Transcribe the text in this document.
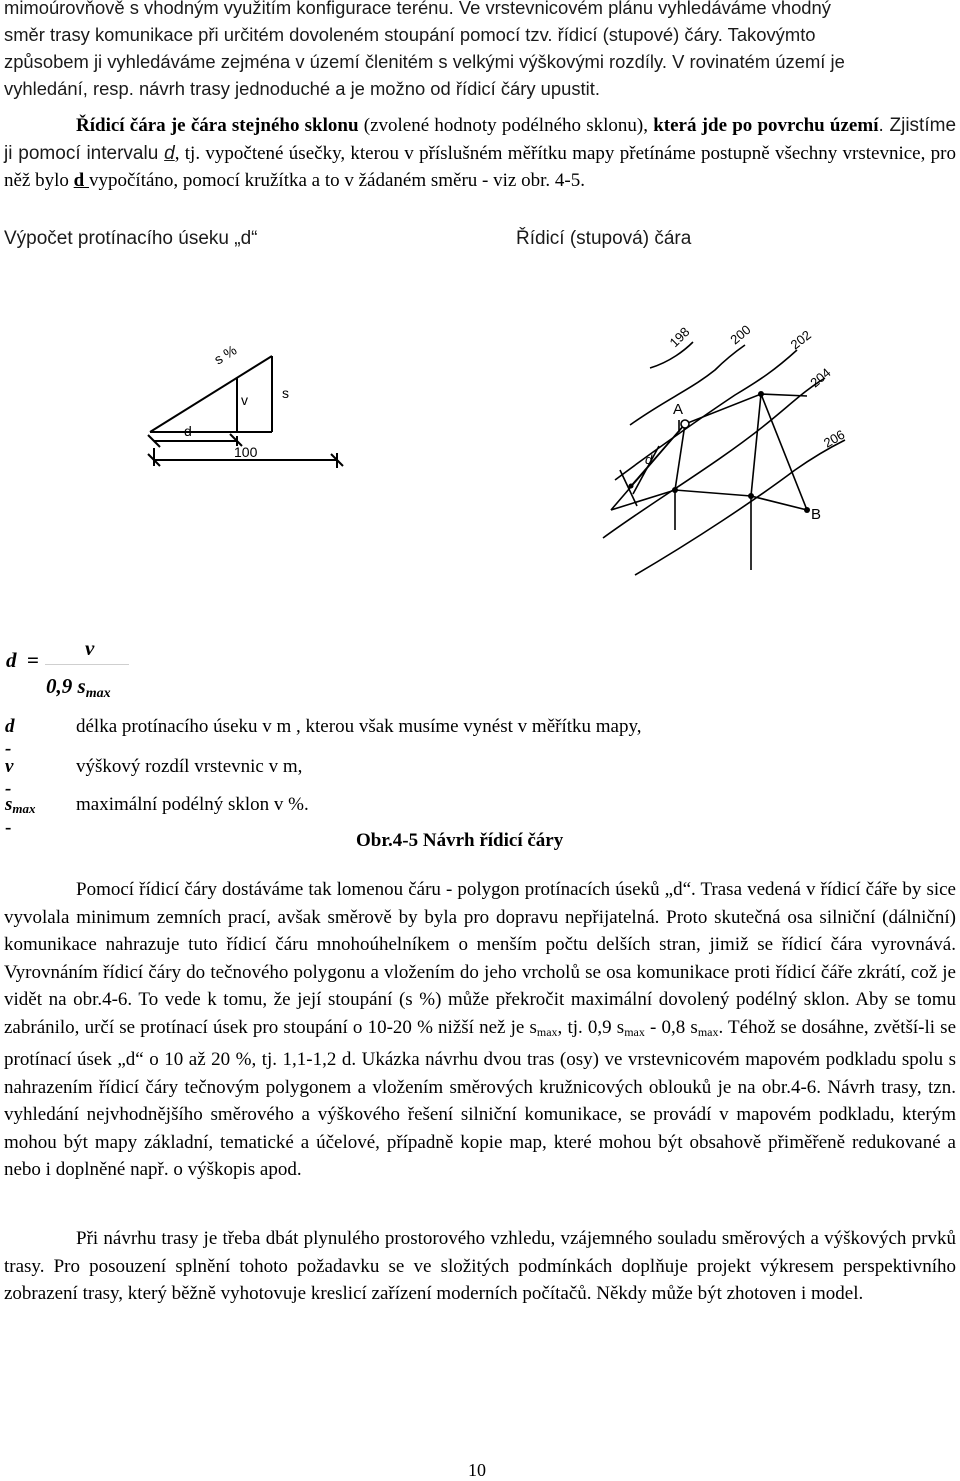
mimoúrovňově s vhodným využitím konfigurace terénu. Ve vrstevnicovém plánu vyhledáváme vhodný

směr trasy komunikace při určitém dovoleném stoupání pomocí tzv. řídicí (stupové) čáry. Takovýmto

způsobem ji vyhledáváme zejména v území členitém s velkými výškovými rozdíly. V rovinatém území je

vyhledání, resp. návrh trasy jednoduché a je možno od řídicí čáry upustit.

Řídicí čára je čára stejného sklonu (zvolené hodnoty podélného sklonu), která jde po povrchu území. Zjistíme ji pomocí intervalu d, tj. vypočtené úsečky, kterou v příslušném měřítku mapy přetínáme postupně všechny vrstevnice, pro něž bylo d vypočítáno, pomocí kružítka a to v žádaném směru - viz obr. 4-5.

Výpočet protínacího úseku „d“	Řídicí (stupová) čára
s %
v s
d
100
198	200	202
204
206
A
B
d
d = v
0,9 $s_{max}$
d -
délka protínacího úseku v m , kterou však musíme vynést v měřítku mapy,
v -
výškový rozdíl vrstevnic v m,
$s_{max}$ -
maximální podélný sklon v %.
Obr.4-5 Návrh řídicí čáry

Pomocí řídicí čáry dostáváme tak lomenou čáru - polygon protínacích úseků „d“. Trasa vedená v řídicí čáře by sice vyvolala minimum zemních prací, avšak směrově by byla pro dopravu nepřijatelná. Proto skutečná osa silniční (dálniční) komunikace nahrazuje tuto řídicí čáru mnohoúhelníkem o menším počtu delších stran, jimiž se řídicí čára vyrovnává. Vyrovnáním řídicí čáry do tečnového polygonu a vložením do jeho vrcholů se osa komunikace proti řídicí čáře zkrátí, což je vidět na obr.4-6. To vede k tomu, že její stoupání (s %) může překročit maximální dovolený podélný sklon. Aby se tomu zabránilo, určí se protínací úsek pro stoupání o 10-20 % nižší než je $s_{max}$, tj. 0,9 $s_{max} - 0,8$ $s_{max}$. Téhož se dosáhne, zvětší-li se protínací úsek „d“ o 10 až 20 %, tj. 1,1-1,2 d. Ukázka návrhu dvou tras (osy) ve vrstevnicovém mapovém podkladu spolu s nahrazením řídicí čáry tečnovým polygonem a vložením směrových kružnicových oblouků je na obr.4-6. Návrh trasy, tzn. vyhledání nejvhodnějšího směrového a výškového řešení silniční komunikace, se provádí v mapovém podkladu, kterým mohou být mapy základní, tematické a účelové, případně kopie map, které mohou být obsahově přiměřeně redukované a nebo i doplněné např. o výškopis apod.

Při návrhu trasy je třeba dbát plynulého prostorového vzhledu, vzájemného souladu směrových a výškových prvků trasy. Pro posouzení splnění tohoto požadavku se ve složitých podmínkách doplňuje projekt výkresem perspektivního zobrazení trasy, který běžně vyhotovuje kreslicí zařízení moderních počítačů. Někdy může být zhotoven i model.

10
